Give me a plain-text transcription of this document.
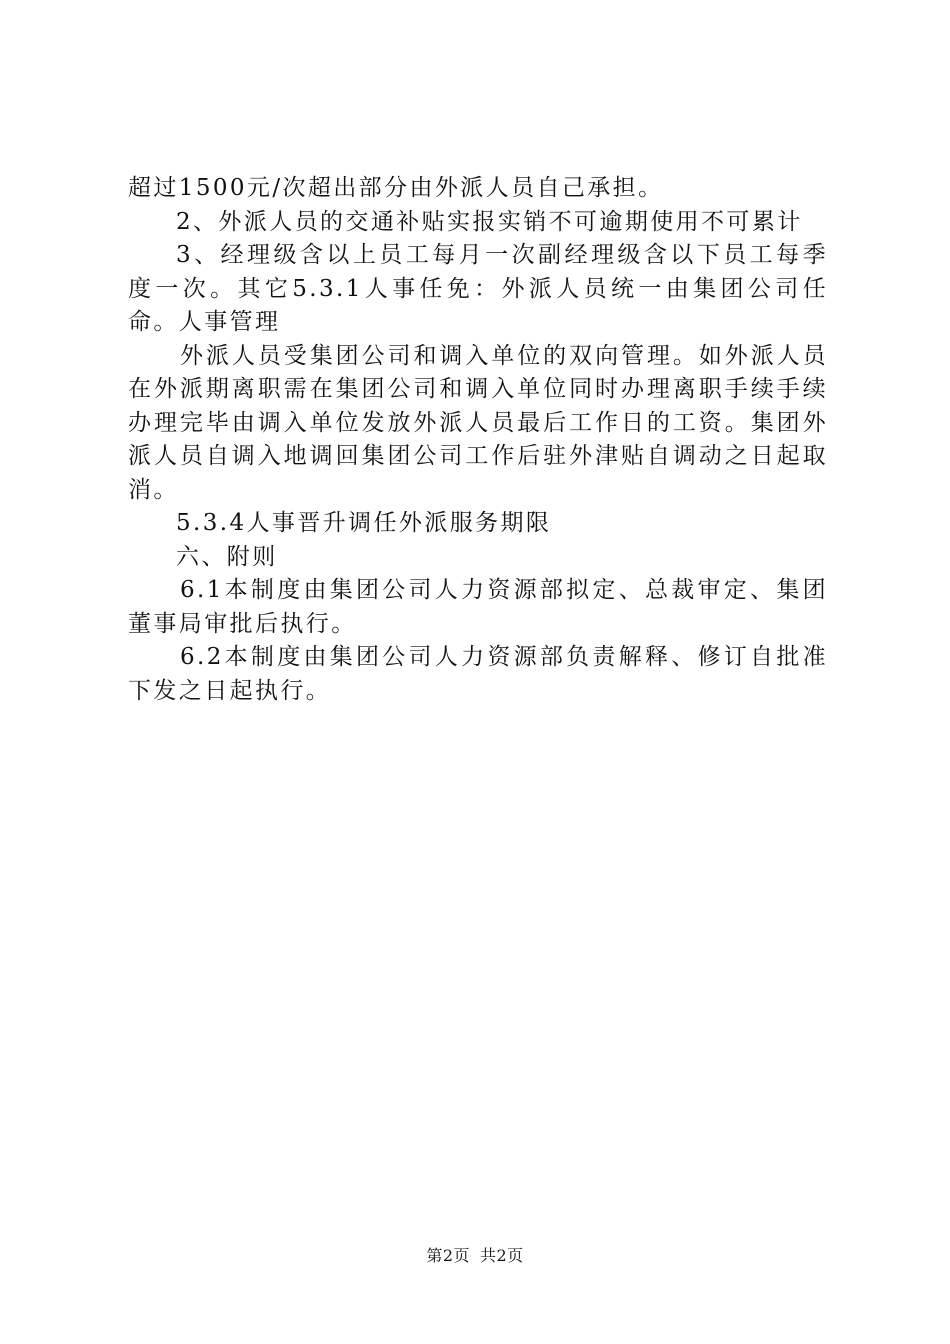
超过1500元/次超出部分由外派人员自己承担。

2、外派人员的交通补贴实报实销不可逾期使用不可累计

3、经理级含以上员工每月一次副经理级含以下员工每季度一次。其它5.3.1人事任免：外派人员统一由集团公司任命。人事管理

外派人员受集团公司和调入单位的双向管理。如外派人员在外派期离职需在集团公司和调入单位同时办理离职手续手续办理完毕由调入单位发放外派人员最后工作日的工资。集团外派人员自调入地调回集团公司工作后驻外津贴自调动之日起取消。

5.3.4人事晋升调任外派服务期限

六、附则

6.1本制度由集团公司人力资源部拟定、总裁审定、集团董事局审批后执行。

6.2本制度由集团公司人力资源部负责解释、修订自批准下发之日起执行。

第2页 共2页
